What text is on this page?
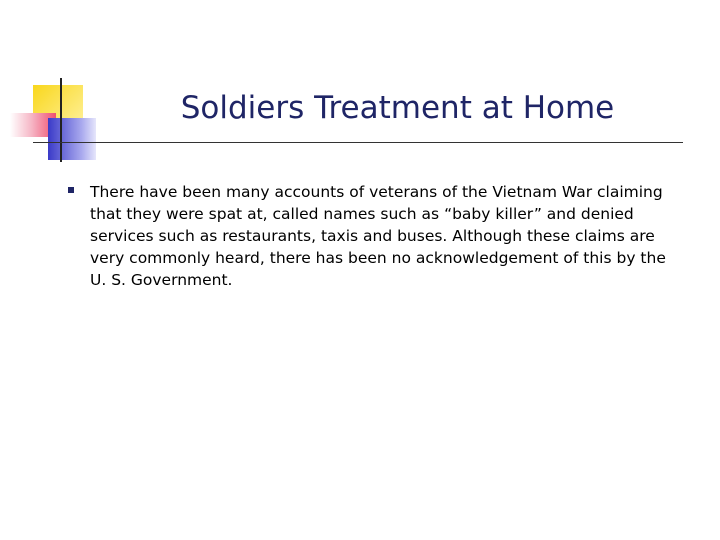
Soldiers Treatment at Home
There have been many accounts of veterans of the Vietnam War claiming that they were spat at, called names such as “baby killer” and denied services such as restaurants, taxis and buses. Although these claims are very commonly heard, there has been no acknowledgement of this by the U. S. Government.
